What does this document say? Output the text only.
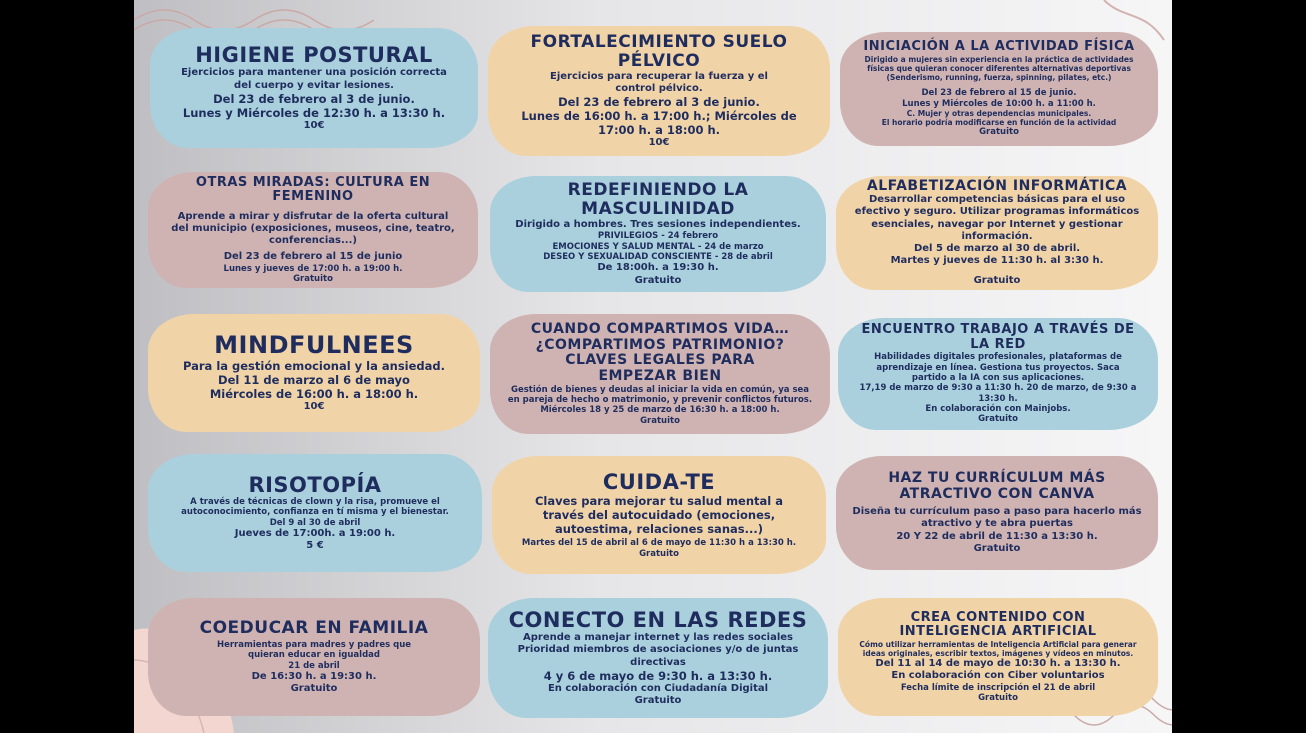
HIGIENE POSTURAL
Ejercicios para mantener una posición correcta del cuerpo y evitar lesiones.
Del 23 de febrero al 3 de junio.
Lunes y Miércoles de 12:30 h. a 13:30 h.
10€
FORTALECIMIENTO SUELO PÉLVICO
Ejercicios para recuperar la fuerza y el
control pélvico.
Del 23 de febrero al 3 de junio.
Lunes de 16:00 h. a 17:00 h.; Miércoles de 17:00 h. a 18:00 h.
10€
INICIACIÓN A LA ACTIVIDAD FÍSICA
Dirigido a mujeres sin experiencia en la práctica de actividades físicas que quieran conocer diferentes alternativas deportivas (Senderismo, running, fuerza, spinning, pilates, etc.)
Del 23 de febrero al 15 de junio.
Lunes y Miércoles de 10:00 h. a 11:00 h.
C. Mujer y otras dependencias municipales.
El horario podría modificarse en función de la actividad
Gratuito
OTRAS MIRADAS: CULTURA EN FEMENINO
Aprende a mirar y disfrutar de la oferta cultural del municipio (exposiciones, museos, cine, teatro, conferencias...)
Del 23 de febrero al 15 de junio
Lunes y jueves de 17:00 h. a 19:00 h.
Gratuito
REDEFINIENDO LA MASCULINIDAD
Dirigido a hombres. Tres sesiones independientes.
PRIVILEGIOS - 24 febrero
EMOCIONES Y SALUD MENTAL - 24 de marzo
DESEO Y SEXUALIDAD CONSCIENTE - 28 de abril
De 18:00h. a 19:30 h.
Gratuito
ALFABETIZACIÓN INFORMÁTICA
Desarrollar competencias básicas para el uso efectivo y seguro. Utilizar programas informáticos esenciales, navegar por Internet y gestionar información.
Del 5 de marzo al 30 de abril.
Martes y jueves de 11:30 h. al 3:30 h.
Gratuito
MINDFULNEES
Para la gestión emocional y la ansiedad.
Del 11 de marzo al 6 de mayo
Miércoles de 16:00 h. a 18:00 h.
10€
CUANDO COMPARTIMOS VIDA… ¿COMPARTIMOS PATRIMONIO? CLAVES LEGALES PARA EMPEZAR BIEN
Gestión de bienes y deudas al iniciar la vida en común, ya sea en pareja de hecho o matrimonio, y prevenir conflictos futuros.
Miércoles 18 y 25 de marzo de 16:30 h. a 18:00 h.
Gratuito
ENCUENTRO TRABAJO A TRAVÉS DE LA RED
Habilidades digitales profesionales, plataformas de aprendizaje en línea. Gestiona tus proyectos. Saca partido a la IA con sus aplicaciones.
17,19 de marzo de 9:30 a 11:30 h. 20 de marzo, de 9:30 a 13:30 h.
En colaboración con Mainjobs.
Gratuito
RISOTOPÍA
A través de técnicas de clown y la risa, promueve el autoconocimiento, confianza en tí misma y el bienestar.
Del 9 al 30 de abril
Jueves de 17:00h. a 19:00 h.
5 €
CUIDA-TE
Claves para mejorar tu salud mental a través del autocuidado (emociones, autoestima, relaciones sanas...)
Martes del 15 de abril al 6 de mayo de 11:30 h a 13:30 h.
Gratuito
HAZ TU CURRÍCULUM MÁS ATRACTIVO CON CANVA
Diseña tu currículum paso a paso para hacerlo más atractivo y te abra puertas
20 Y 22 de abril de 11:30 a 13:30 h.
Gratuito
COEDUCAR EN FAMILIA
Herramientas para madres y padres que quieran educar en igualdad
21 de abril
De 16:30 h. a 19:30 h.
Gratuito
CONECTO EN LAS REDES
Aprende a manejar internet y las redes sociales
Prioridad miembros de asociaciones y/o de juntas directivas
4 y 6 de mayo de 9:30 h. a 13:30 h.
En colaboración con Ciudadanía Digital
Gratuito
CREA CONTENIDO CON INTELIGENCIA ARTIFICIAL
Cómo utilizar herramientas de Inteligencia Artificial para generar ideas originales, escribir textos, imágenes y vídeos en minutos.
Del 11 al 14 de mayo de 10:30 h. a 13:30 h.
En colaboración con Ciber voluntarios
Fecha límite de inscripción el 21 de abril
Gratuito
